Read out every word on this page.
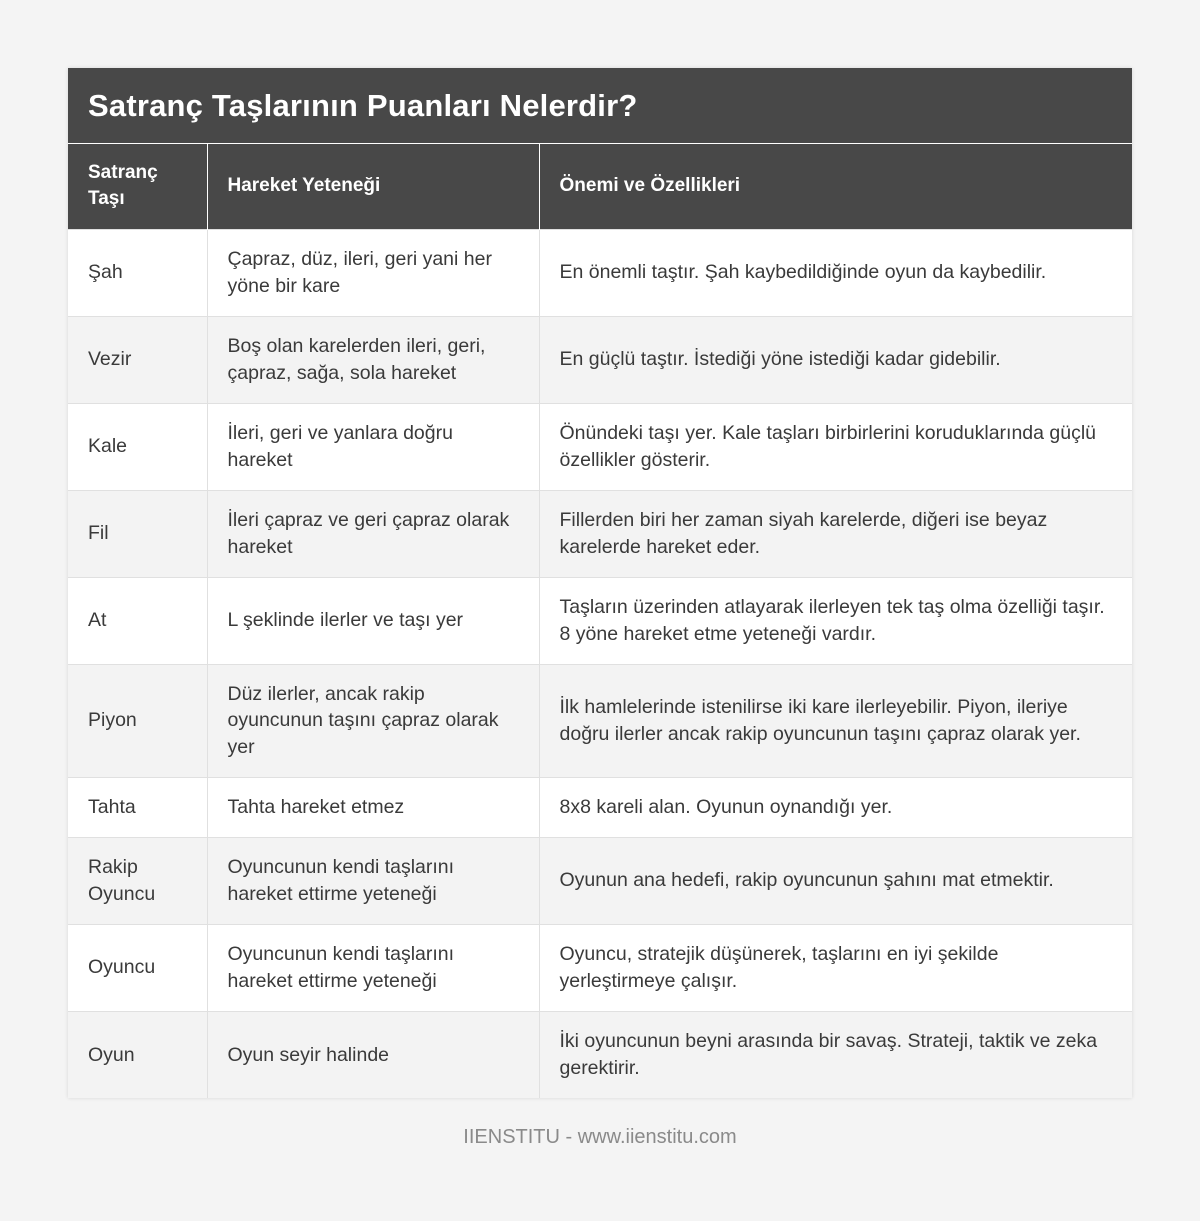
Satranç Taşlarının Puanları Nelerdir?
Satranç Taşı	Hareket Yeteneği	Önemi ve Özellikleri
Şah	Çapraz, düz, ileri, geri yani her yöne bir kare	En önemli taştır. Şah kaybedildiğinde oyun da kaybedilir.
Vezir	Boş olan karelerden ileri, geri, çapraz, sağa, sola hareket	En güçlü taştır. İstediği yöne istediği kadar gidebilir.
Kale	İleri, geri ve yanlara doğru hareket	Önündeki taşı yer. Kale taşları birbirlerini koruduklarında güçlü özellikler gösterir.
Fil	İleri çapraz ve geri çapraz olarak hareket	Fillerden biri her zaman siyah karelerde, diğeri ise beyaz karelerde hareket eder.
At	L şeklinde ilerler ve taşı yer	Taşların üzerinden atlayarak ilerleyen tek taş olma özelliği taşır. 8 yöne hareket etme yeteneği vardır.
Piyon	Düz ilerler, ancak rakip oyuncunun taşını çapraz olarak yer	İlk hamlelerinde istenilirse iki kare ilerleyebilir. Piyon, ileriye doğru ilerler ancak rakip oyuncunun taşını çapraz olarak yer.
Tahta	Tahta hareket etmez	8x8 kareli alan. Oyunun oynandığı yer.
Rakip Oyuncu	Oyuncunun kendi taşlarını hareket ettirme yeteneği	Oyunun ana hedefi, rakip oyuncunun şahını mat etmektir.
Oyuncu	Oyuncunun kendi taşlarını hareket ettirme yeteneği	Oyuncu, stratejik düşünerek, taşlarını en iyi şekilde yerleştirmeye çalışır.
Oyun	Oyun seyir halinde	İki oyuncunun beyni arasında bir savaş. Strateji, taktik ve zeka gerektirir.
IIENSTITU - www.iienstitu.com
